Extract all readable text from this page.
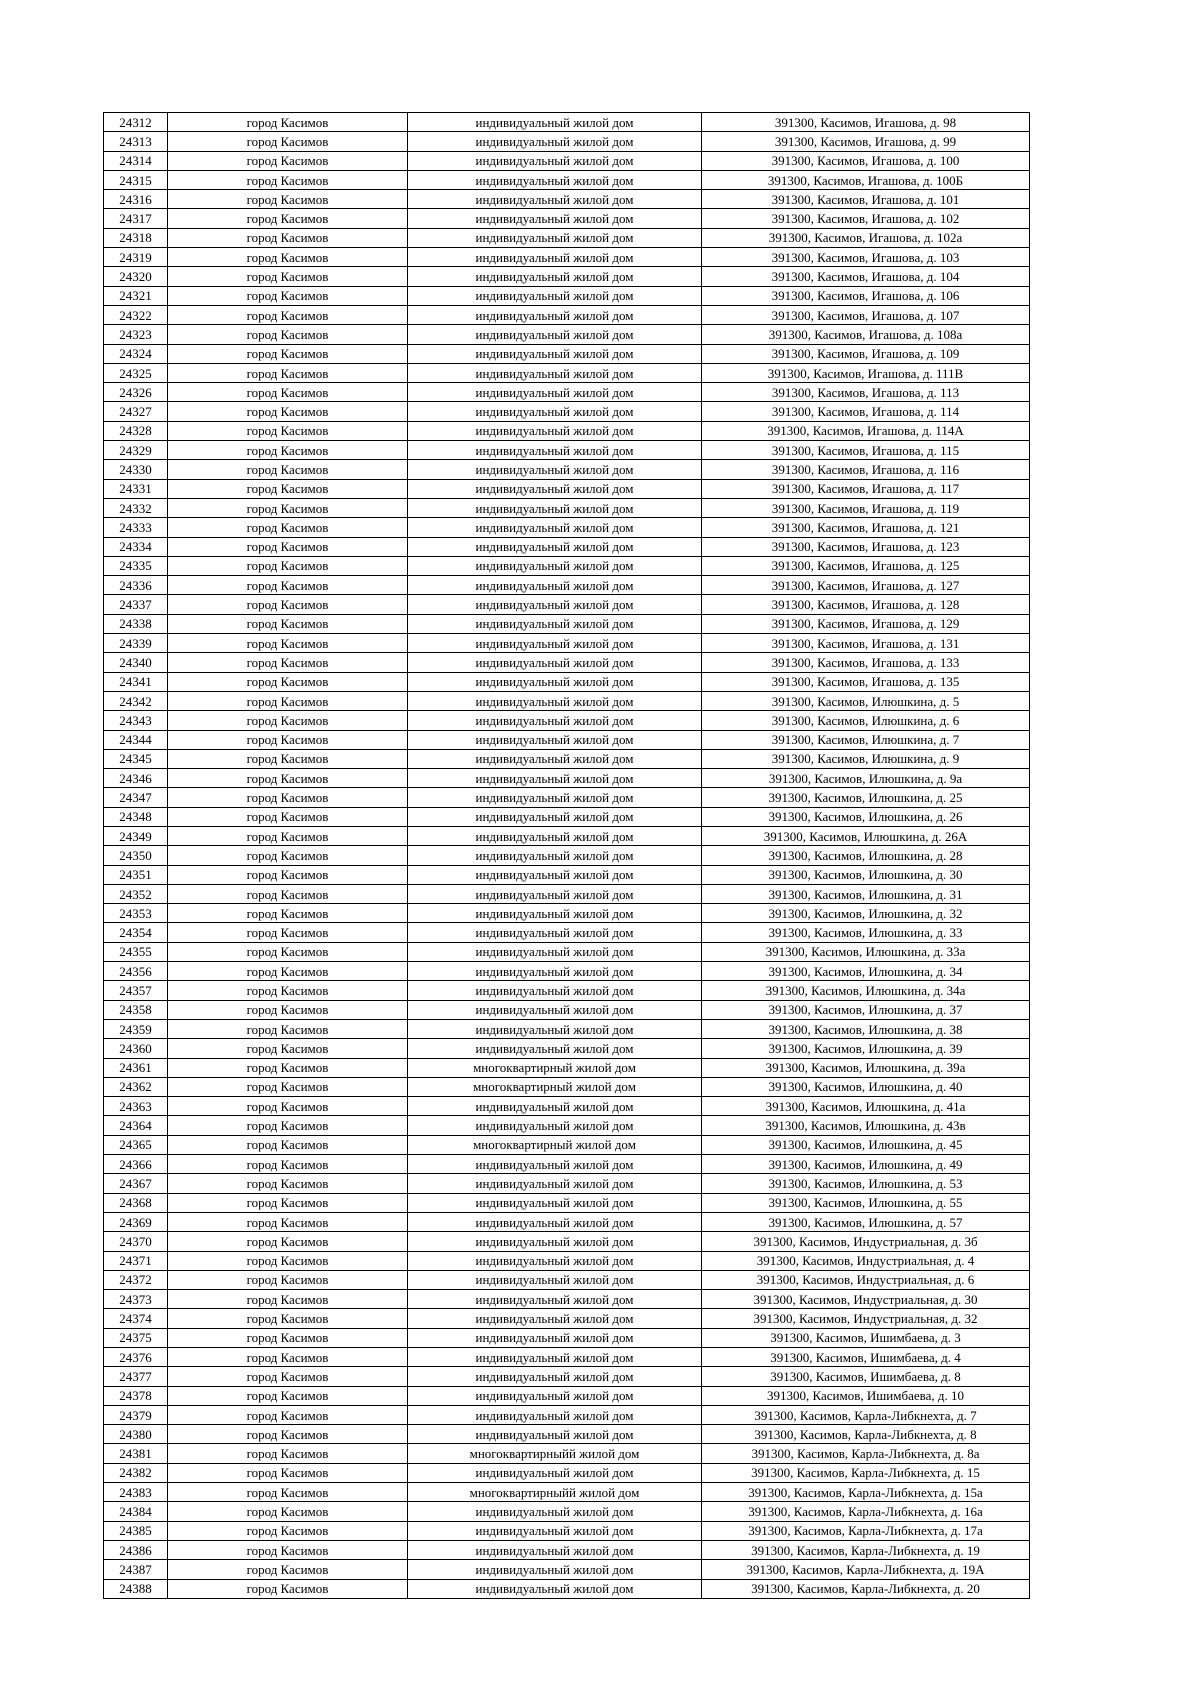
24312	город Касимов	индивидуальный жилой дом	391300, Касимов, Игашова, д. 98
24313	город Касимов	индивидуальный жилой дом	391300, Касимов, Игашова, д. 99
24314	город Касимов	индивидуальный жилой дом	391300, Касимов, Игашова, д. 100
24315	город Касимов	индивидуальный жилой дом	391300, Касимов, Игашова, д. 100Б
24316	город Касимов	индивидуальный жилой дом	391300, Касимов, Игашова, д. 101
24317	город Касимов	индивидуальный жилой дом	391300, Касимов, Игашова, д. 102
24318	город Касимов	индивидуальный жилой дом	391300, Касимов, Игашова, д. 102а
24319	город Касимов	индивидуальный жилой дом	391300, Касимов, Игашова, д. 103
24320	город Касимов	индивидуальный жилой дом	391300, Касимов, Игашова, д. 104
24321	город Касимов	индивидуальный жилой дом	391300, Касимов, Игашова, д. 106
24322	город Касимов	индивидуальный жилой дом	391300, Касимов, Игашова, д. 107
24323	город Касимов	индивидуальный жилой дом	391300, Касимов, Игашова, д. 108а
24324	город Касимов	индивидуальный жилой дом	391300, Касимов, Игашова, д. 109
24325	город Касимов	индивидуальный жилой дом	391300, Касимов, Игашова, д. 111В
24326	город Касимов	индивидуальный жилой дом	391300, Касимов, Игашова, д. 113
24327	город Касимов	индивидуальный жилой дом	391300, Касимов, Игашова, д. 114
24328	город Касимов	индивидуальный жилой дом	391300, Касимов, Игашова, д. 114А
24329	город Касимов	индивидуальный жилой дом	391300, Касимов, Игашова, д. 115
24330	город Касимов	индивидуальный жилой дом	391300, Касимов, Игашова, д. 116
24331	город Касимов	индивидуальный жилой дом	391300, Касимов, Игашова, д. 117
24332	город Касимов	индивидуальный жилой дом	391300, Касимов, Игашова, д. 119
24333	город Касимов	индивидуальный жилой дом	391300, Касимов, Игашова, д. 121
24334	город Касимов	индивидуальный жилой дом	391300, Касимов, Игашова, д. 123
24335	город Касимов	индивидуальный жилой дом	391300, Касимов, Игашова, д. 125
24336	город Касимов	индивидуальный жилой дом	391300, Касимов, Игашова, д. 127
24337	город Касимов	индивидуальный жилой дом	391300, Касимов, Игашова, д. 128
24338	город Касимов	индивидуальный жилой дом	391300, Касимов, Игашова, д. 129
24339	город Касимов	индивидуальный жилой дом	391300, Касимов, Игашова, д. 131
24340	город Касимов	индивидуальный жилой дом	391300, Касимов, Игашова, д. 133
24341	город Касимов	индивидуальный жилой дом	391300, Касимов, Игашова, д. 135
24342	город Касимов	индивидуальный жилой дом	391300, Касимов, Илюшкина, д. 5
24343	город Касимов	индивидуальный жилой дом	391300, Касимов, Илюшкина, д. 6
24344	город Касимов	индивидуальный жилой дом	391300, Касимов, Илюшкина, д. 7
24345	город Касимов	индивидуальный жилой дом	391300, Касимов, Илюшкина, д. 9
24346	город Касимов	индивидуальный жилой дом	391300, Касимов, Илюшкина, д. 9а
24347	город Касимов	индивидуальный жилой дом	391300, Касимов, Илюшкина, д. 25
24348	город Касимов	индивидуальный жилой дом	391300, Касимов, Илюшкина, д. 26
24349	город Касимов	индивидуальный жилой дом	391300, Касимов, Илюшкина, д. 26А
24350	город Касимов	индивидуальный жилой дом	391300, Касимов, Илюшкина, д. 28
24351	город Касимов	индивидуальный жилой дом	391300, Касимов, Илюшкина, д. 30
24352	город Касимов	индивидуальный жилой дом	391300, Касимов, Илюшкина, д. 31
24353	город Касимов	индивидуальный жилой дом	391300, Касимов, Илюшкина, д. 32
24354	город Касимов	индивидуальный жилой дом	391300, Касимов, Илюшкина, д. 33
24355	город Касимов	индивидуальный жилой дом	391300, Касимов, Илюшкина, д. 33а
24356	город Касимов	индивидуальный жилой дом	391300, Касимов, Илюшкина, д. 34
24357	город Касимов	индивидуальный жилой дом	391300, Касимов, Илюшкина, д. 34а
24358	город Касимов	индивидуальный жилой дом	391300, Касимов, Илюшкина, д. 37
24359	город Касимов	индивидуальный жилой дом	391300, Касимов, Илюшкина, д. 38
24360	город Касимов	индивидуальный жилой дом	391300, Касимов, Илюшкина, д. 39
24361	город Касимов	многоквартирный жилой дом	391300, Касимов, Илюшкина, д. 39а
24362	город Касимов	многоквартирный жилой дом	391300, Касимов, Илюшкина, д. 40
24363	город Касимов	индивидуальный жилой дом	391300, Касимов, Илюшкина, д. 41а
24364	город Касимов	индивидуальный жилой дом	391300, Касимов, Илюшкина, д. 43в
24365	город Касимов	многоквартирный жилой дом	391300, Касимов, Илюшкина, д. 45
24366	город Касимов	индивидуальный жилой дом	391300, Касимов, Илюшкина, д. 49
24367	город Касимов	индивидуальный жилой дом	391300, Касимов, Илюшкина, д. 53
24368	город Касимов	индивидуальный жилой дом	391300, Касимов, Илюшкина, д. 55
24369	город Касимов	индивидуальный жилой дом	391300, Касимов, Илюшкина, д. 57
24370	город Касимов	индивидуальный жилой дом	391300, Касимов, Индустриальная, д. 3б
24371	город Касимов	индивидуальный жилой дом	391300, Касимов, Индустриальная, д. 4
24372	город Касимов	индивидуальный жилой дом	391300, Касимов, Индустриальная, д. 6
24373	город Касимов	индивидуальный жилой дом	391300, Касимов, Индустриальная, д. 30
24374	город Касимов	индивидуальный жилой дом	391300, Касимов, Индустриальная, д. 32
24375	город Касимов	индивидуальный жилой дом	391300, Касимов, Ишимбаева, д. 3
24376	город Касимов	индивидуальный жилой дом	391300, Касимов, Ишимбаева, д. 4
24377	город Касимов	индивидуальный жилой дом	391300, Касимов, Ишимбаева, д. 8
24378	город Касимов	индивидуальный жилой дом	391300, Касимов, Ишимбаева, д. 10
24379	город Касимов	индивидуальный жилой дом	391300, Касимов, Карла-Либкнехта, д. 7
24380	город Касимов	индивидуальный жилой дом	391300, Касимов, Карла-Либкнехта, д. 8
24381	город Касимов	многоквартирныйй жилой дом	391300, Касимов, Карла-Либкнехта, д. 8а
24382	город Касимов	индивидуальный жилой дом	391300, Касимов, Карла-Либкнехта, д. 15
24383	город Касимов	многоквартирныйй жилой дом	391300, Касимов, Карла-Либкнехта, д. 15а
24384	город Касимов	индивидуальный жилой дом	391300, Касимов, Карла-Либкнехта, д. 16а
24385	город Касимов	индивидуальный жилой дом	391300, Касимов, Карла-Либкнехта, д. 17а
24386	город Касимов	индивидуальный жилой дом	391300, Касимов, Карла-Либкнехта, д. 19
24387	город Касимов	индивидуальный жилой дом	391300, Касимов, Карла-Либкнехта, д. 19А
24388	город Касимов	индивидуальный жилой дом	391300, Касимов, Карла-Либкнехта, д. 20
